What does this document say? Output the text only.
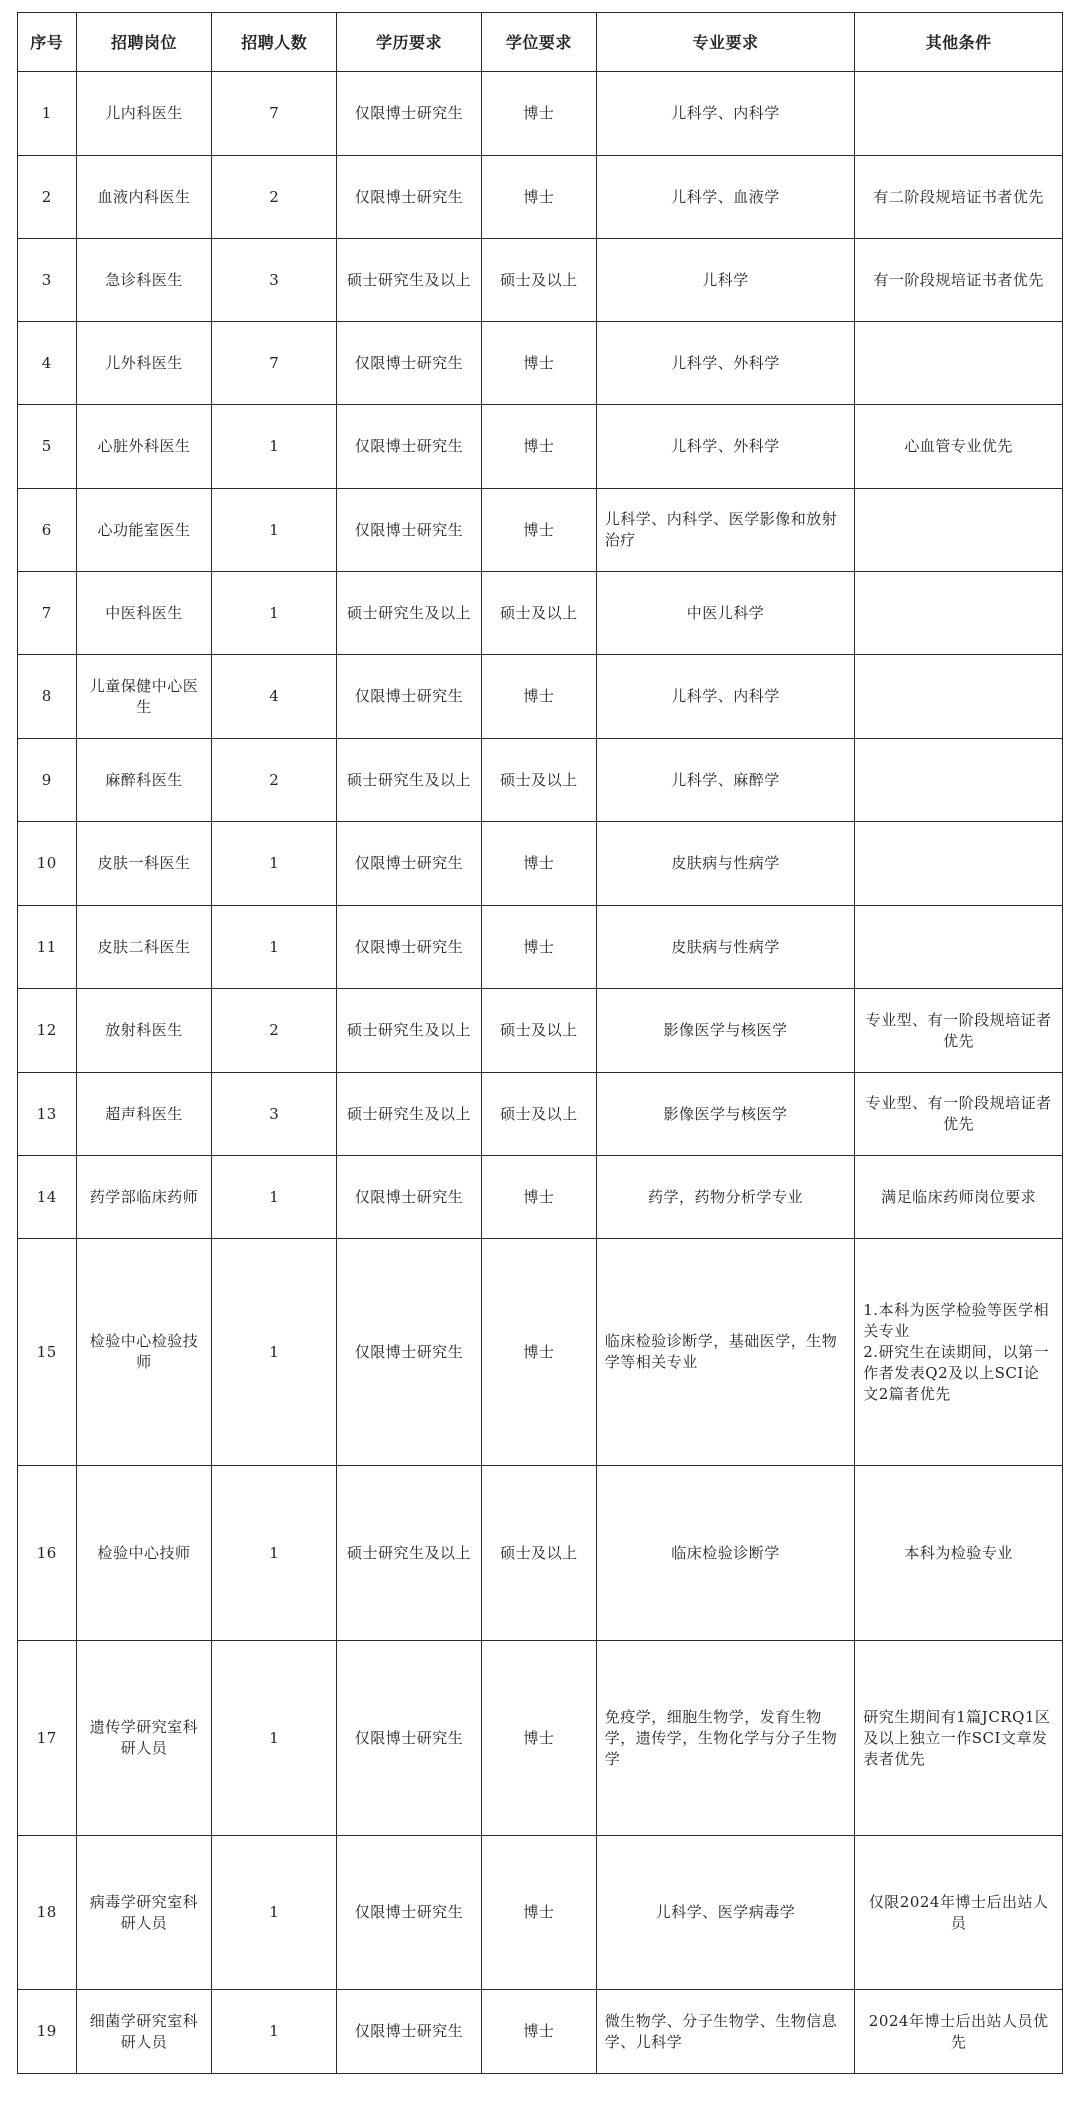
序号	招聘岗位	招聘人数	学历要求	学位要求	专业要求	其他条件
1	儿内科医生	7	仅限博士研究生	博士	儿科学、内科学	
2	血液内科医生	2	仅限博士研究生	博士	儿科学、血液学	有二阶段规培证书者优先
3	急诊科医生	3	硕士研究生及以上	硕士及以上	儿科学	有一阶段规培证书者优先
4	儿外科医生	7	仅限博士研究生	博士	儿科学、外科学	
5	心脏外科医生	1	仅限博士研究生	博士	儿科学、外科学	心血管专业优先
6	心功能室医生	1	仅限博士研究生	博士	儿科学、内科学、医学影像和放射治疗	
7	中医科医生	1	硕士研究生及以上	硕士及以上	中医儿科学	
8	儿童保健中心医生	4	仅限博士研究生	博士	儿科学、内科学	
9	麻醉科医生	2	硕士研究生及以上	硕士及以上	儿科学、麻醉学	
10	皮肤一科医生	1	仅限博士研究生	博士	皮肤病与性病学	
11	皮肤二科医生	1	仅限博士研究生	博士	皮肤病与性病学	
12	放射科医生	2	硕士研究生及以上	硕士及以上	影像医学与核医学	专业型、有一阶段规培证者优先
13	超声科医生	3	硕士研究生及以上	硕士及以上	影像医学与核医学	专业型、有一阶段规培证者优先
14	药学部临床药师	1	仅限博士研究生	博士	药学，药物分析学专业	满足临床药师岗位要求
15	检验中心检验技师	1	仅限博士研究生	博士	临床检验诊断学，基础医学，生物学等相关专业	1.本科为医学检验等医学相关专业
2.研究生在读期间，以第一作者发表Q2及以上SCI论文2篇者优先
16	检验中心技师	1	硕士研究生及以上	硕士及以上	临床检验诊断学	本科为检验专业
17	遗传学研究室科研人员	1	仅限博士研究生	博士	免疫学，细胞生物学，发育生物学，遗传学，生物化学与分子生物学	研究生期间有1篇JCRQ1区及以上独立一作SCI文章发表者优先
18	病毒学研究室科研人员	1	仅限博士研究生	博士	儿科学、医学病毒学	仅限2024年博士后出站人员
19	细菌学研究室科研人员	1	仅限博士研究生	博士	微生物学、分子生物学、生物信息学、儿科学	2024年博士后出站人员优先
